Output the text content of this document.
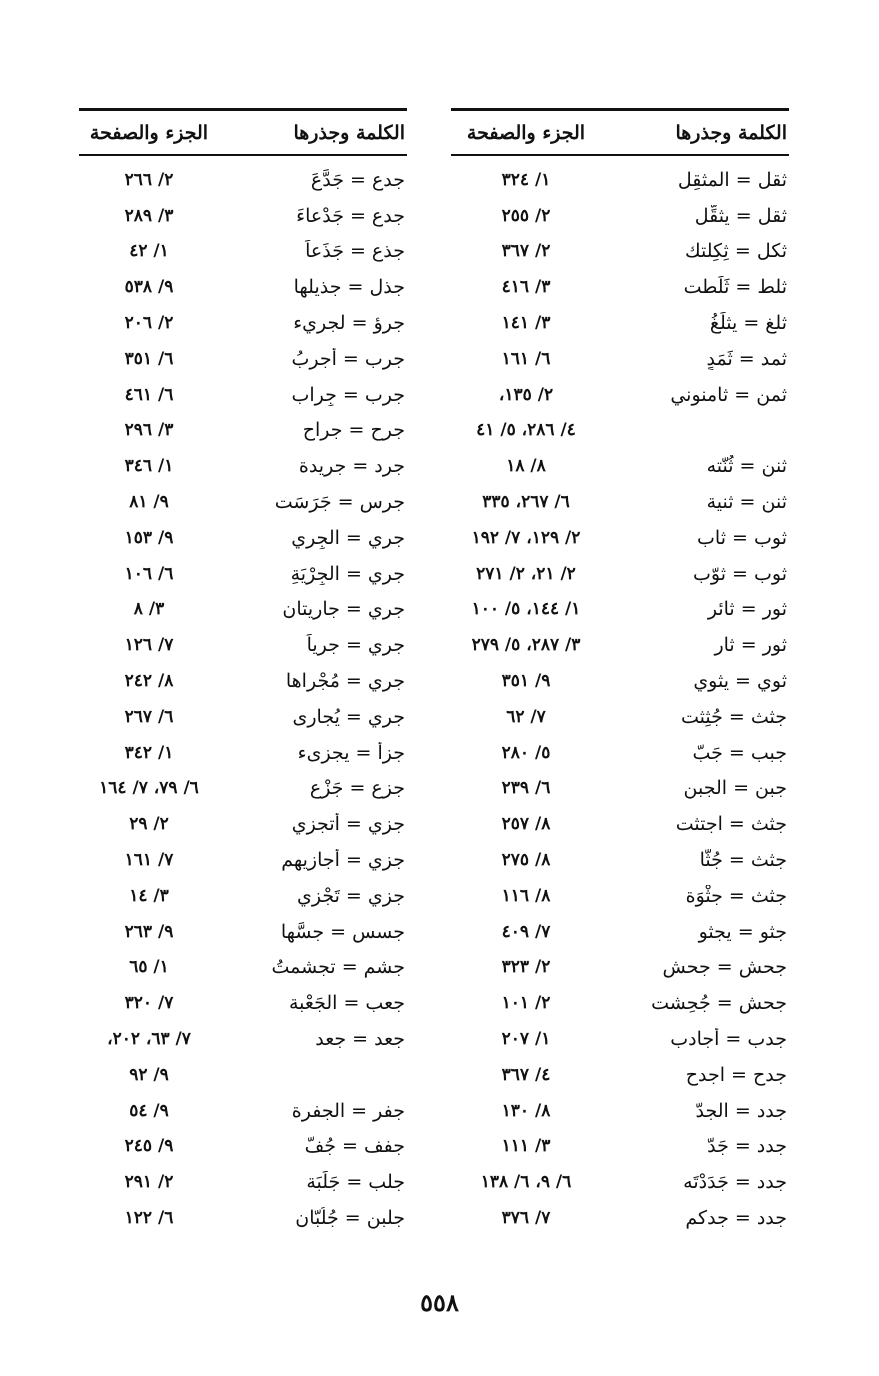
الكلمة وجذرها
الجزء والصفحة
ثقل = المثقِل
١/ ٣٢٤
ثقل = يثقِّل
٢/ ٢٥٥
ثكل = ثِكِلتك
٢/ ٣٦٧
ثلط = ثَلَطت
٣/ ٤١٦
ثلغ = يثلَغُ
٣/ ١٤١
ثمد = ثَمَدٍ
٦/ ١٦١
ثمن = ثامنوني
٢/ ١٣٥،
٤/ ٢٨٦، ٥/ ٤١
ثنن = ثُنّته
٨/ ١٨
ثنن = ثنية
٦/ ٢٦٧، ٣٣٥
ثوب = ثاب
٢/ ١٢٩، ٧/ ١٩٢
ثوب = ثوّب
٢/ ٢١، ٢/ ٢٧١
ثور = ثائر
١/ ١٤٤، ٥/ ١٠٠
ثور = ثار
٣/ ٢٨٧، ٥/ ٢٧٩
ثوي = يثوي
٩/ ٣٥١
جثث = جُثِثت
٧/ ٦٢
جبب = جَبّ
٥/ ٢٨٠
جبن = الجبن
٦/ ٢٣٩
جثث = اجتثت
٨/ ٢٥٧
جثث = جُثّا
٨/ ٢٧٥
جثث = جثْوَة
٨/ ١١٦
جثو = يجثو
٧/ ٤٠٩
جحش = جحش
٢/ ٣٢٣
جحش = جُحِشت
٢/ ١٠١
جدب = أجادب
١/ ٢٠٧
جدح = اجدح
٤/ ٣٦٧
جدد = الجدّ
٨/ ١٣٠
جدد = جَدّ
٣/ ١١١
جدد = جَدَدْتَه
٦/ ٩، ٦/ ١٣٨
جدد = جدكم
٧/ ٣٧٦
الكلمة وجذرها
الجزء والصفحة
جدع = جَدَّعَ
٢/ ٢٦٦
جدع = جَدْعاءَ
٣/ ٢٨٩
جذع = جَذَعاً
١/ ٤٢
جذل = جذيلها
٩/ ٥٣٨
جرؤ = لجريء
٢/ ٢٠٦
جرب = أجربُ
٦/ ٣٥١
جرب = جِراب
٦/ ٤٦١
جرح = جراح
٣/ ٢٩٦
جرد = جريدة
١/ ٣٤٦
جرس = جَرَسَت
٩/ ٨١
جري = الجِري
٩/ ١٥٣
جري = الجِرْيَةِ
٦/ ١٠٦
جري = جاريتان
٣/ ٨
جري = جرياً
٧/ ١٢٦
جري = مُجْراها
٨/ ٢٤٢
جري = يُجارى
٦/ ٢٦٧
جزأ = يجزىء
١/ ٣٤٢
جزع = جَزْع
٦/ ٧٩، ٧/ ١٦٤
جزي = أتجزي
٢/ ٢٩
جزي = أُجازيهم
٧/ ١٦١
جزي = تَجْزي
٣/ ١٤
جسس = جسَّها
٩/ ٢٦٣
جشم = تجشمتُ
١/ ٦٥
جعب = الجَعْبة
٧/ ٣٢٠
جعد = جعد
٧/ ٦٣، ٢٠٢،
٩/ ٩٢
جفر = الجفرة
٩/ ٥٤
جفف = جُفّ
٩/ ٢٤٥
جلب = جَلَبَة
٢/ ٢٩١
جلبن = جُلُبّان
٦/ ١٢٢
٥٥٨
